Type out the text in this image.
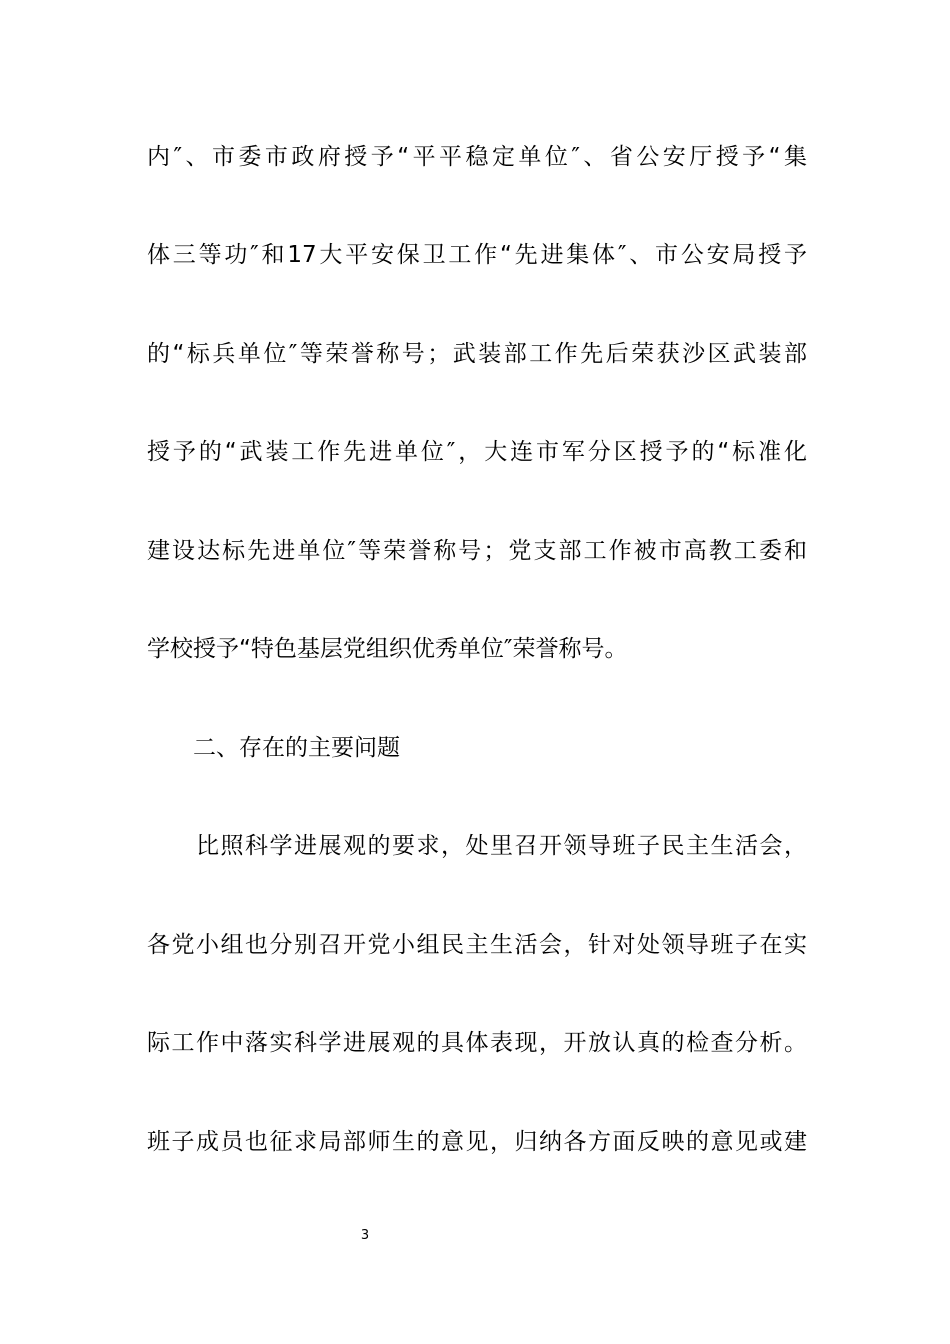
内″、市委市政府授予“平平稳定单位″、省公安厅授予“集
体三等功″和17大平安保卫工作“先进集体″、市公安局授予
的“标兵单位″等荣誉称号；武装部工作先后荣获沙区武装部
授予的“武装工作先进单位″，大连市军分区授予的“标准化
建设达标先进单位″等荣誉称号；党支部工作被市高教工委和
学校授予“特色基层党组织优秀单位″荣誉称号。
二、存在的主要问题
比照科学进展观的要求，处里召开领导班子民主生活会，
各党小组也分别召开党小组民主生活会，针对处领导班子在实
际工作中落实科学进展观的具体表现，开放认真的检查分析。
班子成员也征求局部师生的意见，归纳各方面反映的意见或建
3
